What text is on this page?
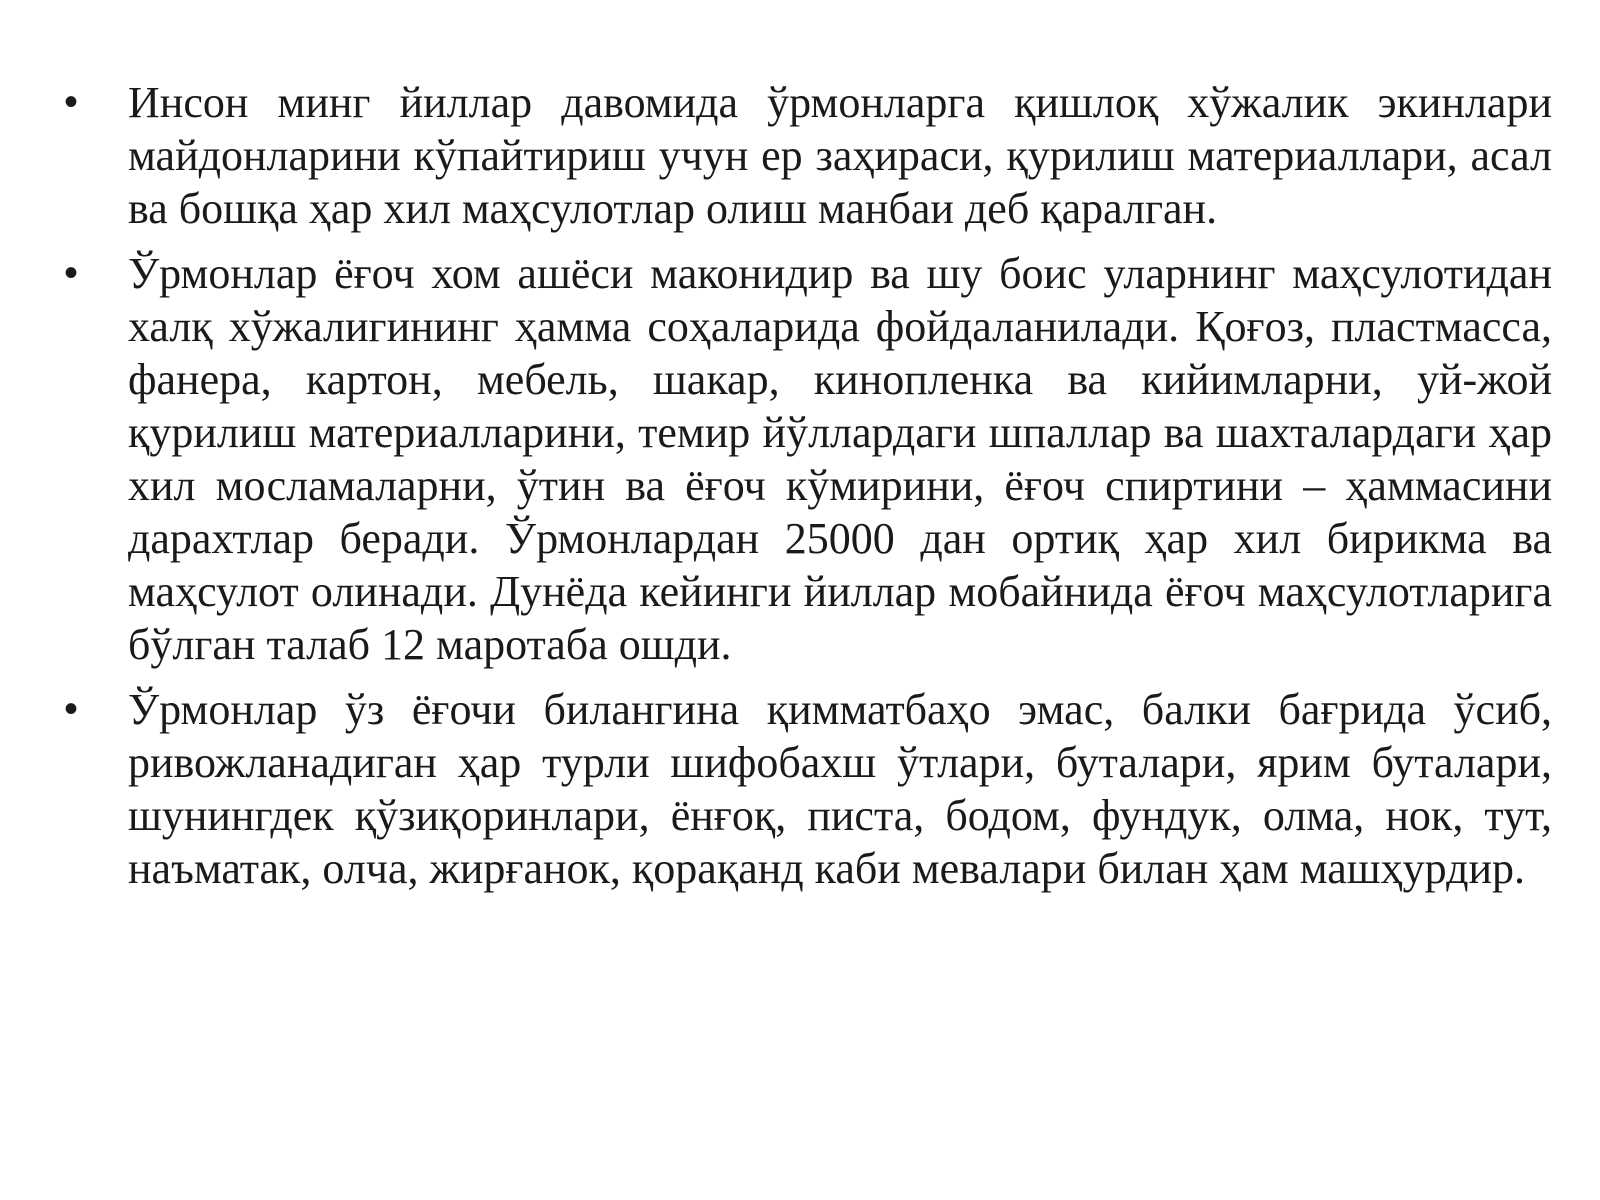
•	Инсон минг йиллар давомида ўрмонларга қишлоқ хўжалик экинлари майдонларини кўпайтириш учун ер заҳираси, қурилиш материаллари, асал ва бошқа ҳар хил маҳсулотлар олиш манбаи деб қаралган.
•	Ўрмонлар ёғоч хом ашёси маконидир ва шу боис уларнинг маҳсулотидан халқ хўжалигининг ҳамма соҳаларида фойдаланилади. Қоғоз, пластмасса, фанера, картон, мебель, шакар, кинопленка ва кийимларни, уй-жой қурилиш материалларини, темир йўллардаги шпаллар ва шахталардаги ҳар хил мосламаларни, ўтин ва ёғоч кўмирини, ёғоч спиртини – ҳаммасини дарахтлар беради. Ўрмонлардан 25000 дан ортиқ ҳар хил бирикма ва маҳсулот олинади. Дунёда кейинги йиллар мобайнида ёғоч маҳсулотларига бўлган талаб 12 маротаба ошди.
•	Ўрмонлар ўз ёғочи билангина қимматбаҳо эмас, балки бағрида ўсиб, ривожланадиган ҳар турли шифобахш ўтлари, буталари, ярим буталари, шунингдек қўзиқоринлари, ёнғоқ, писта, бодом, фундук, олма, нок, тут, наъматак, олча, жирғанок, қорақанд каби мевалари билан ҳам машҳурдир.
